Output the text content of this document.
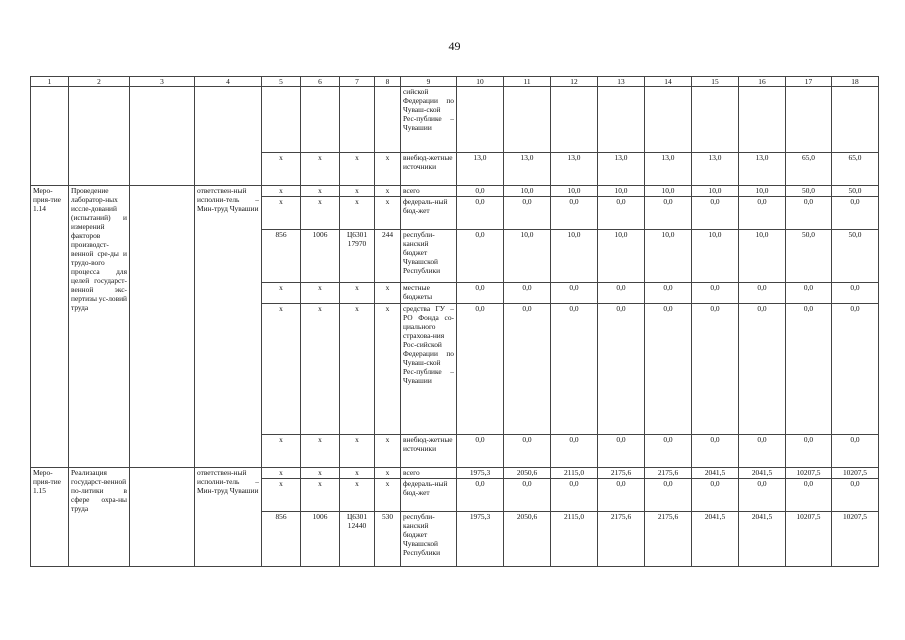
49
1	2	3	4	5	6	7	8	9	10	11	12	13	14	15	16	17	18
								сийской Федерации по Чуваш-ской Рес-публике – Чувашии									
				x	x	x	x	внебюд-жетные источники	13,0	13,0	13,0	13,0	13,0	13,0	13,0	65,0	65,0
Меро-прия-тие 1.14	Проведение лаборатор-ных иссле-дований (испытаний) и измерений факторов производст-венной сре-ды и трудо-вого процесса для целей государст-венной экс-пертизы ус-ловий труда		ответствен-ный исполни-тель – Мин-труд Чувашии	x	x	x	x	всего	0,0	10,0	10,0	10,0	10,0	10,0	10,0	50,0	50,0
				x	x	x	x	федераль-ный бюд-жет	0,0	0,0	0,0	0,0	0,0	0,0	0,0	0,0	0,0
				856	1006	Ц6301 17970	244	республи-канский бюджет Чувашской Республики	0,0	10,0	10,0	10,0	10,0	10,0	10,0	50,0	50,0
				x	x	x	x	местные бюджеты	0,0	0,0	0,0	0,0	0,0	0,0	0,0	0,0	0,0
				x	x	x	x	средства ГУ – РО Фонда со-циального страхова-ния Рос-сийской Федерации по Чуваш-ской Рес-публике – Чувашии	0,0	0,0	0,0	0,0	0,0	0,0	0,0	0,0	0,0
				x	x	x	x	внебюд-жетные источники	0,0	0,0	0,0	0,0	0,0	0,0	0,0	0,0	0,0
Меро-прия-тие 1.15	Реализация государст-венной по-литики в сфере охра-ны труда		ответствен-ный исполни-тель – Мин-труд Чувашии	x	x	x	x	всего	1975,3	2050,6	2115,0	2175,6	2175,6	2041,5	2041,5	10207,5	10207,5
				x	x	x	x	федераль-ный бюд-жет	0,0	0,0	0,0	0,0	0,0	0,0	0,0	0,0	0,0
				856	1006	Ц6301 12440	530	республи-канский бюджет Чувашской Республики	1975,3	2050,6	2115,0	2175,6	2175,6	2041,5	2041,5	10207,5	10207,5
